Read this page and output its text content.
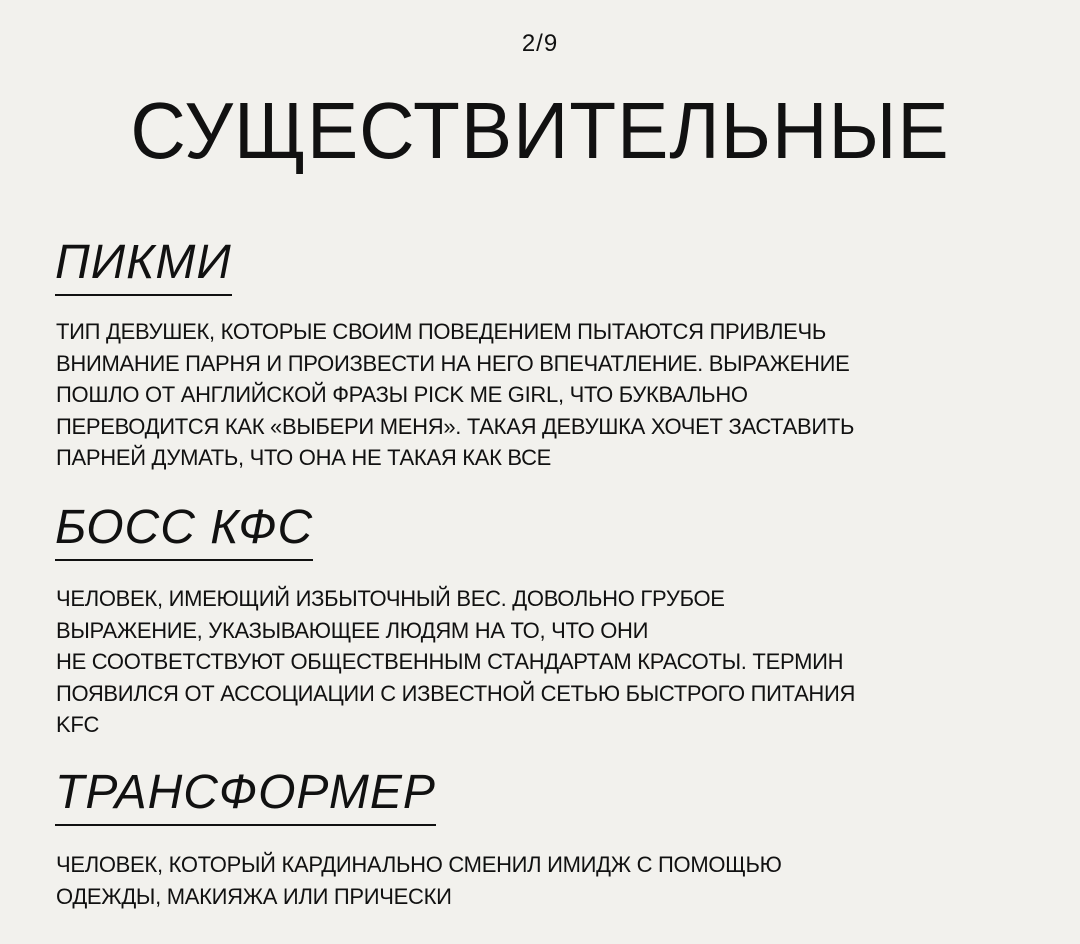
2/9
СУЩЕСТВИТЕЛЬНЫЕ
ПИКМИ
ТИП ДЕВУШЕК, КОТОРЫЕ СВОИМ ПОВЕДЕНИЕМ ПЫТАЮТСЯ ПРИВЛЕЧЬ
ВНИМАНИЕ ПАРНЯ И ПРОИЗВЕСТИ НА НЕГО ВПЕЧАТЛЕНИЕ. ВЫРАЖЕНИЕ
ПОШЛО ОТ АНГЛИЙСКОЙ ФРАЗЫ PICK ME GIRL, ЧТО БУКВАЛЬНО
ПЕРЕВОДИТСЯ КАК «ВЫБЕРИ МЕНЯ». ТАКАЯ ДЕВУШКА ХОЧЕТ ЗАСТАВИТЬ
ПАРНЕЙ ДУМАТЬ, ЧТО ОНА НЕ ТАКАЯ КАК ВСЕ
БОСС КФС
ЧЕЛОВЕК, ИМЕЮЩИЙ ИЗБЫТОЧНЫЙ ВЕС. ДОВОЛЬНО ГРУБОЕ
ВЫРАЖЕНИЕ, УКАЗЫВАЮЩЕЕ ЛЮДЯМ НА ТО, ЧТО ОНИ
НЕ СООТВЕТСТВУЮТ ОБЩЕСТВЕННЫМ СТАНДАРТАМ КРАСОТЫ. ТЕРМИН
ПОЯВИЛСЯ ОТ АССОЦИАЦИИ С ИЗВЕСТНОЙ СЕТЬЮ БЫСТРОГО ПИТАНИЯ
KFC
ТРАНСФОРМЕР
ЧЕЛОВЕК, КОТОРЫЙ КАРДИНАЛЬНО СМЕНИЛ ИМИДЖ С ПОМОЩЬЮ
ОДЕЖДЫ, МАКИЯЖА ИЛИ ПРИЧЕСКИ
